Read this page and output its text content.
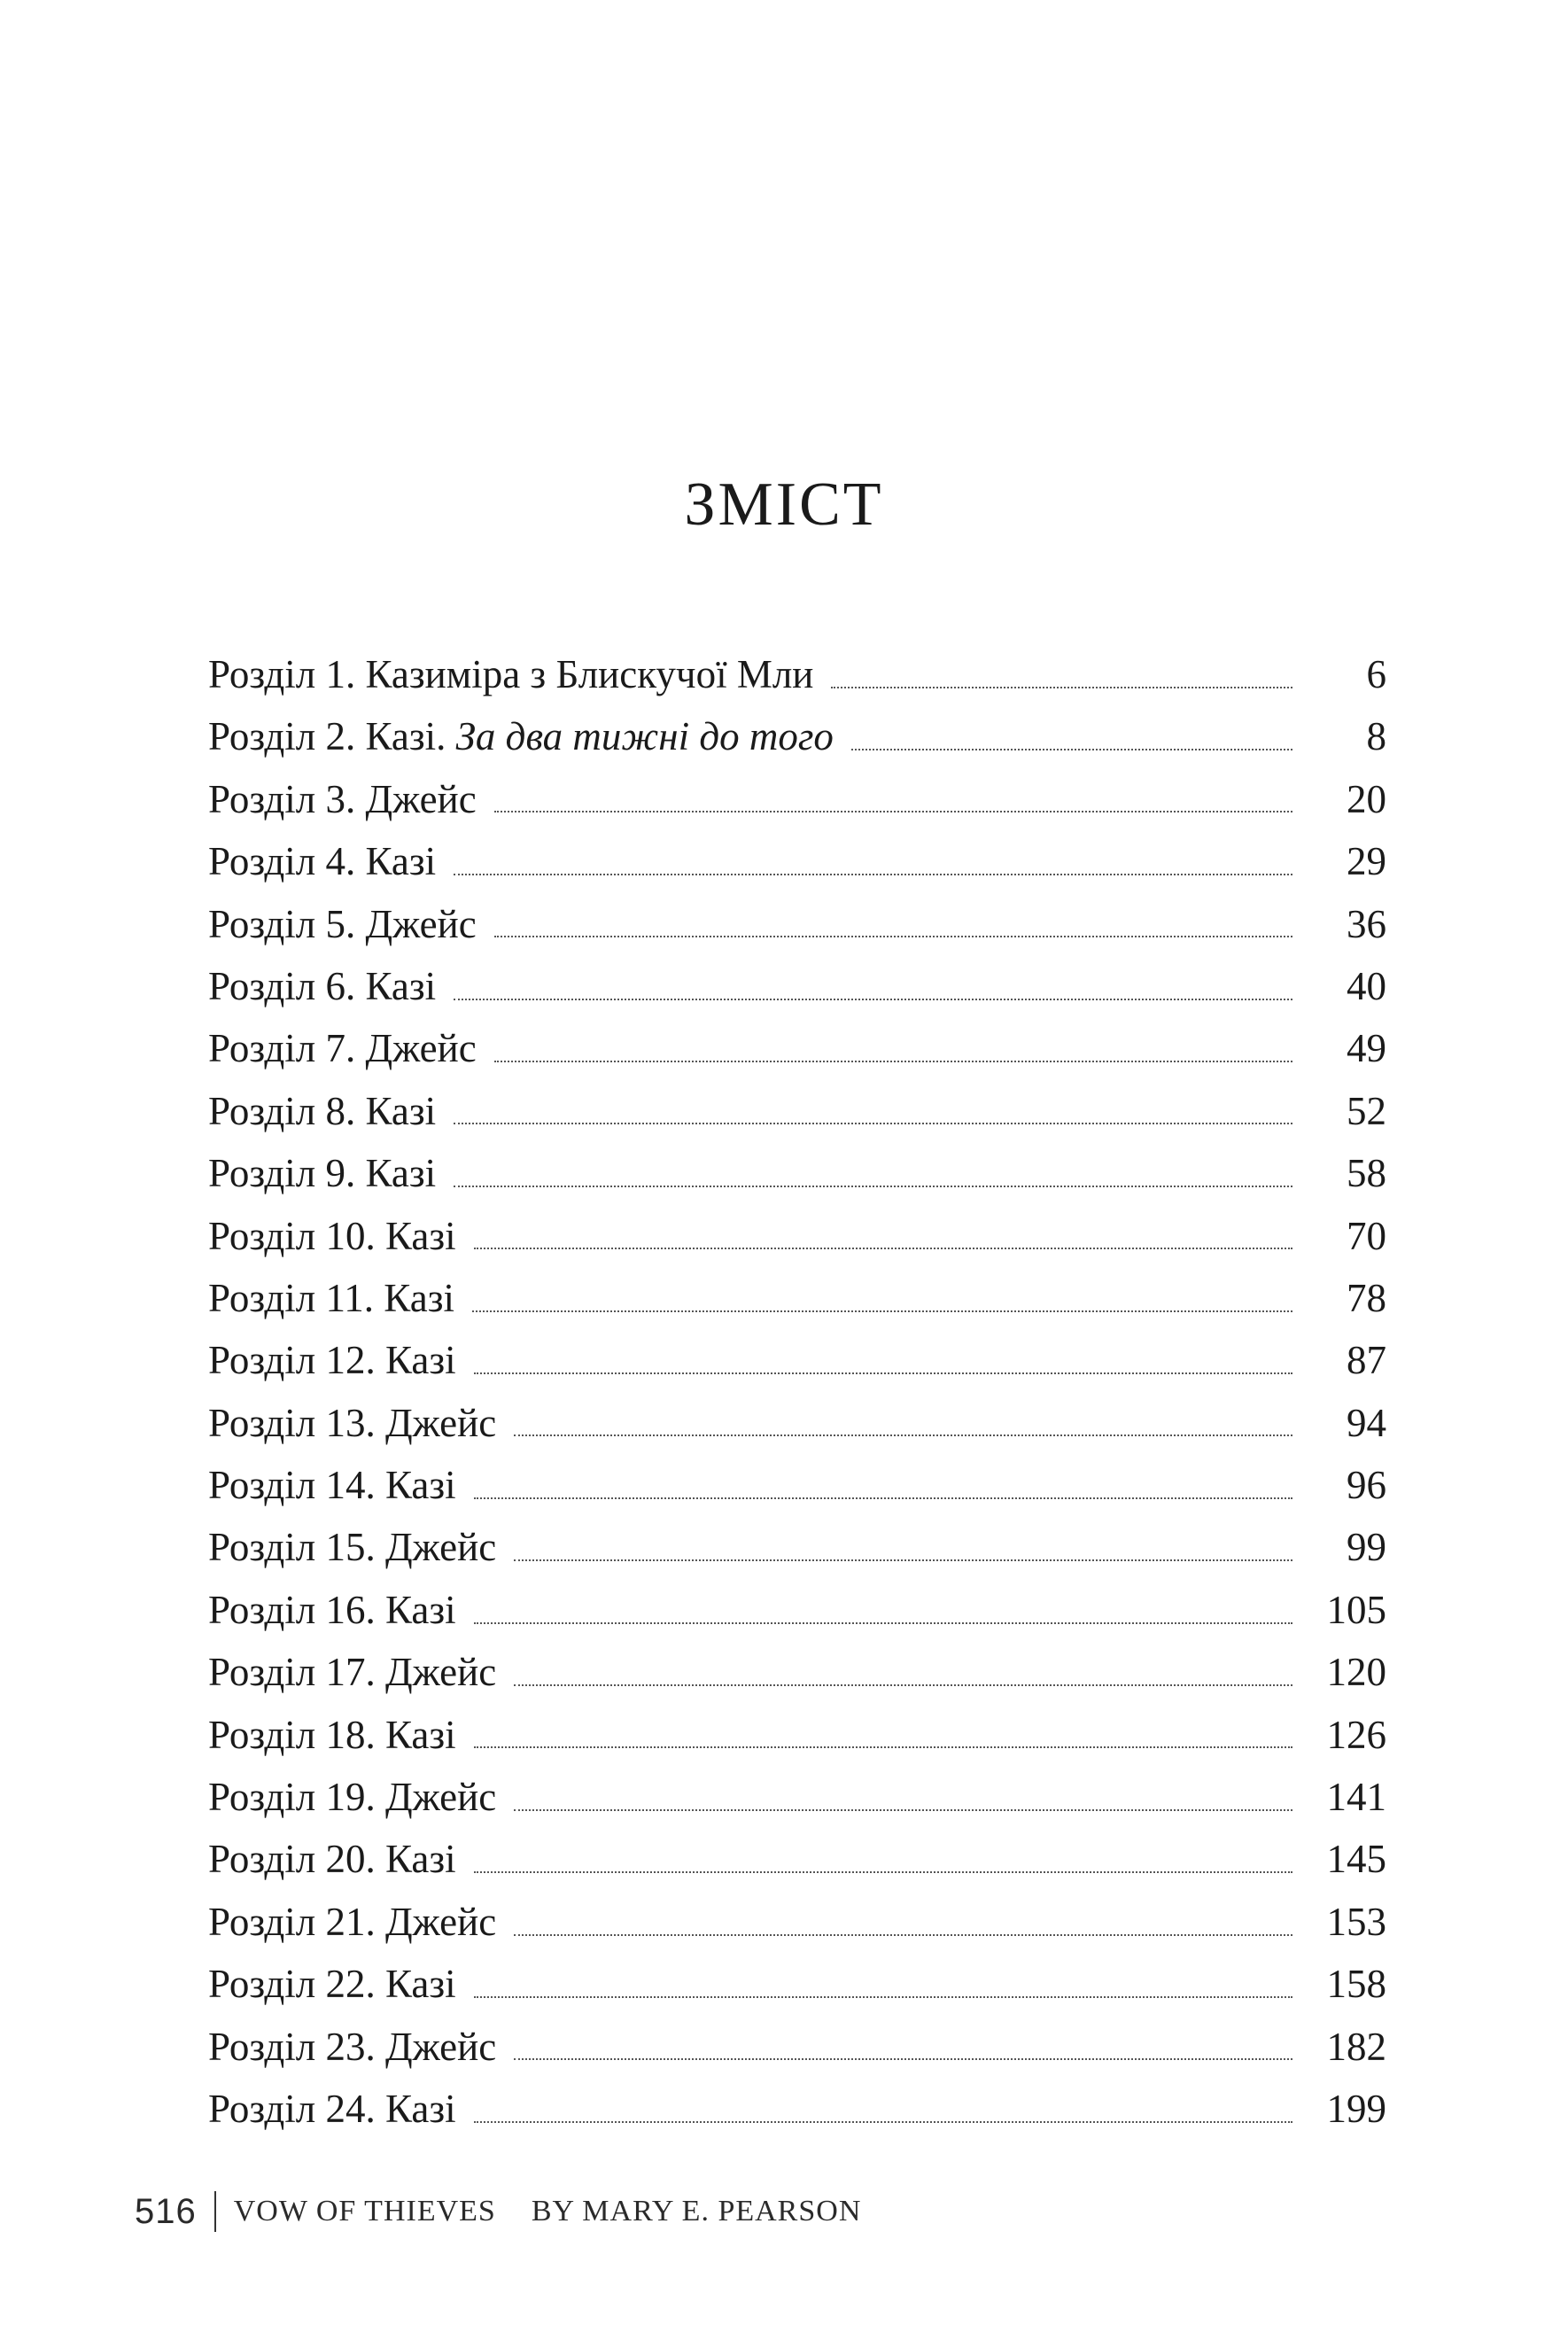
ЗМІСТ
Розділ 1. Казиміра з Блискучої Мли	6
Розділ 2. Казі. За два тижні до того	8
Розділ 3. Джейс	20
Розділ 4. Казі	29
Розділ 5. Джейс	36
Розділ 6. Казі	40
Розділ 7. Джейс	49
Розділ 8. Казі	52
Розділ 9. Казі	58
Розділ 10. Казі	70
Розділ 11. Казі	78
Розділ 12. Казі	87
Розділ 13. Джейс	94
Розділ 14. Казі	96
Розділ 15. Джейс	99
Розділ 16. Казі	105
Розділ 17. Джейс	120
Розділ 18. Казі	126
Розділ 19. Джейс	141
Розділ 20. Казі	145
Розділ 21. Джейс	153
Розділ 22. Казі	158
Розділ 23. Джейс	182
Розділ 24. Казі	199
516 VOW OF THIEVES BY MARY E. PEARSON
